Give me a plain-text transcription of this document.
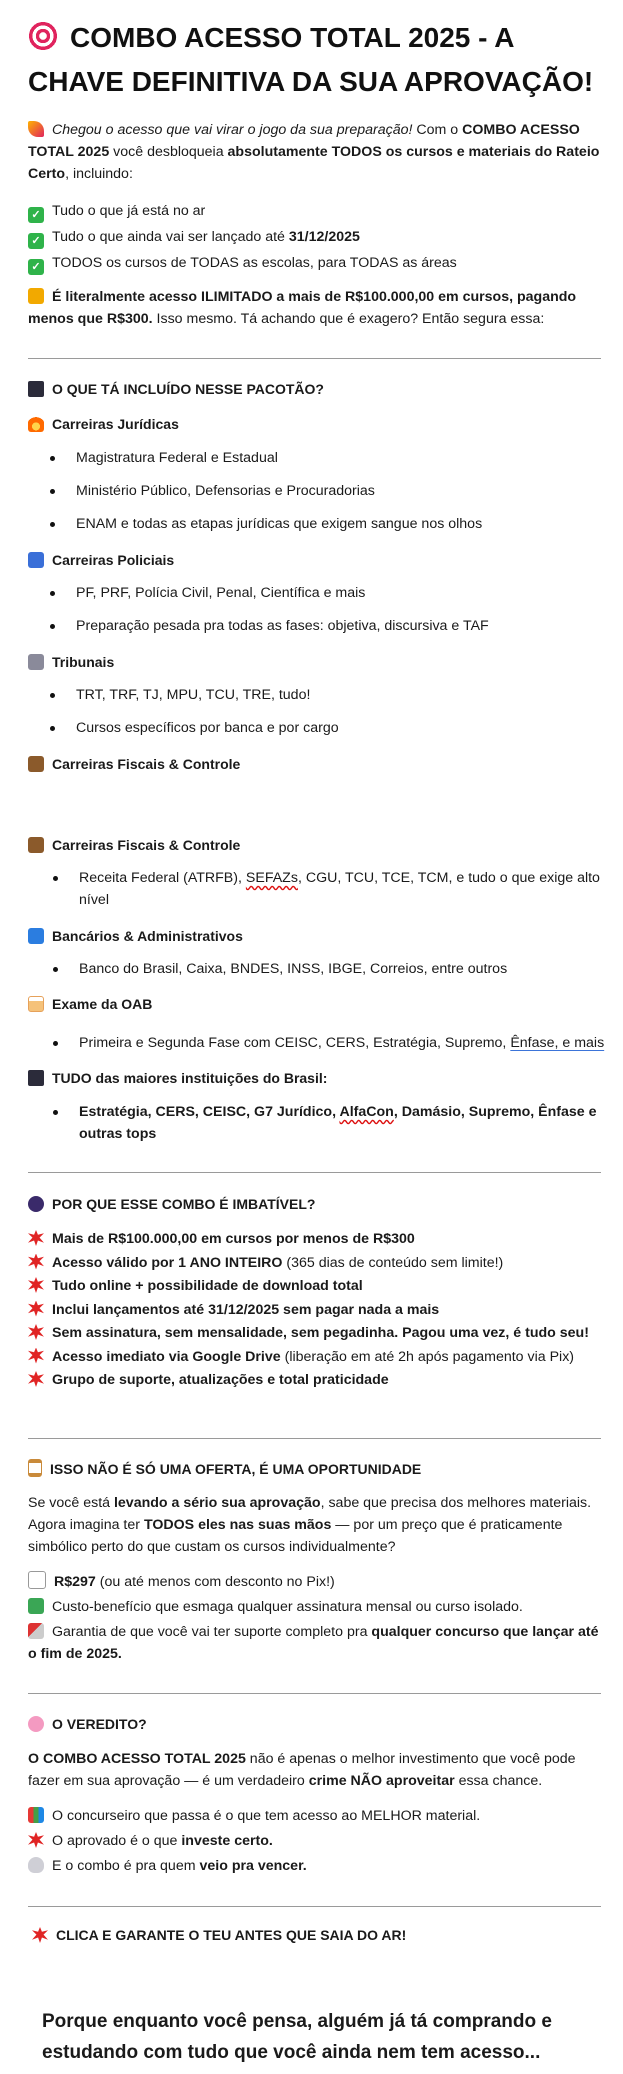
COMBO ACESSO TOTAL 2025 - A CHAVE DEFINITIVA DA SUA APROVAÇÃO!
Chegou o acesso que vai virar o jogo da sua preparação! Com o COMBO ACESSO TOTAL 2025 você desbloqueia absolutamente TODOS os cursos e materiais do Rateio Certo, incluindo:
✓Tudo o que já está no ar
✓Tudo o que ainda vai ser lançado até 31/12/2025
✓TODOS os cursos de TODAS as escolas, para TODAS as áreas
É literalmente acesso ILIMITADO a mais de R$100.000,00 em cursos, pagando menos que R$300. Isso mesmo. Tá achando que é exagero? Então segura essa:
O QUE TÁ INCLUÍDO NESSE PACOTÃO?
Carreiras Jurídicas
Magistratura Federal e Estadual
Ministério Público, Defensorias e Procuradorias
ENAM e todas as etapas jurídicas que exigem sangue nos olhos
Carreiras Policiais
PF, PRF, Polícia Civil, Penal, Científica e mais
Preparação pesada pra todas as fases: objetiva, discursiva e TAF
Tribunais
TRT, TRF, TJ, MPU, TCU, TRE, tudo!
Cursos específicos por banca e por cargo
Carreiras Fiscais & Controle
Carreiras Fiscais & Controle
Receita Federal (ATRFB), SEFAZs, CGU, TCU, TCE, TCM, e tudo o que exige alto nível
Bancários & Administrativos
Banco do Brasil, Caixa, BNDES, INSS, IBGE, Correios, entre outros
Exame da OAB
Primeira e Segunda Fase com CEISC, CERS, Estratégia, Supremo, Ênfase, e mais
TUDO das maiores instituições do Brasil:
Estratégia, CERS, CEISC, G7 Jurídico, AlfaCon, Damásio, Supremo, Ênfase e outras tops
POR QUE ESSE COMBO É IMBATÍVEL?
Mais de R$100.000,00 em cursos por menos de R$300
Acesso válido por 1 ANO INTEIRO (365 dias de conteúdo sem limite!)
Tudo online + possibilidade de download total
Inclui lançamentos até 31/12/2025 sem pagar nada a mais
Sem assinatura, sem mensalidade, sem pegadinha. Pagou uma vez, é tudo seu!
Acesso imediato via Google Drive (liberação em até 2h após pagamento via Pix)
Grupo de suporte, atualizações e total praticidade
ISSO NÃO É SÓ UMA OFERTA, É UMA OPORTUNIDADE
Se você está levando a sério sua aprovação, sabe que precisa dos melhores materiais. Agora imagina ter TODOS eles nas suas mãos — por um preço que é praticamente simbólico perto do que custam os cursos individualmente?
R$297 (ou até menos com desconto no Pix!)
Custo-benefício que esmaga qualquer assinatura mensal ou curso isolado.
Garantia de que você vai ter suporte completo pra qualquer concurso que lançar até o fim de 2025.
O VEREDITO?
O COMBO ACESSO TOTAL 2025 não é apenas o melhor investimento que você pode fazer em sua aprovação — é um verdadeiro crime NÃO aproveitar essa chance.
O concurseiro que passa é o que tem acesso ao MELHOR material.
O aprovado é o que investe certo.
E o combo é pra quem veio pra vencer.
CLICA E GARANTE O TEU ANTES QUE SAIA DO AR!
Porque enquanto você pensa, alguém já tá comprando e estudando com tudo que você ainda nem tem acesso...
